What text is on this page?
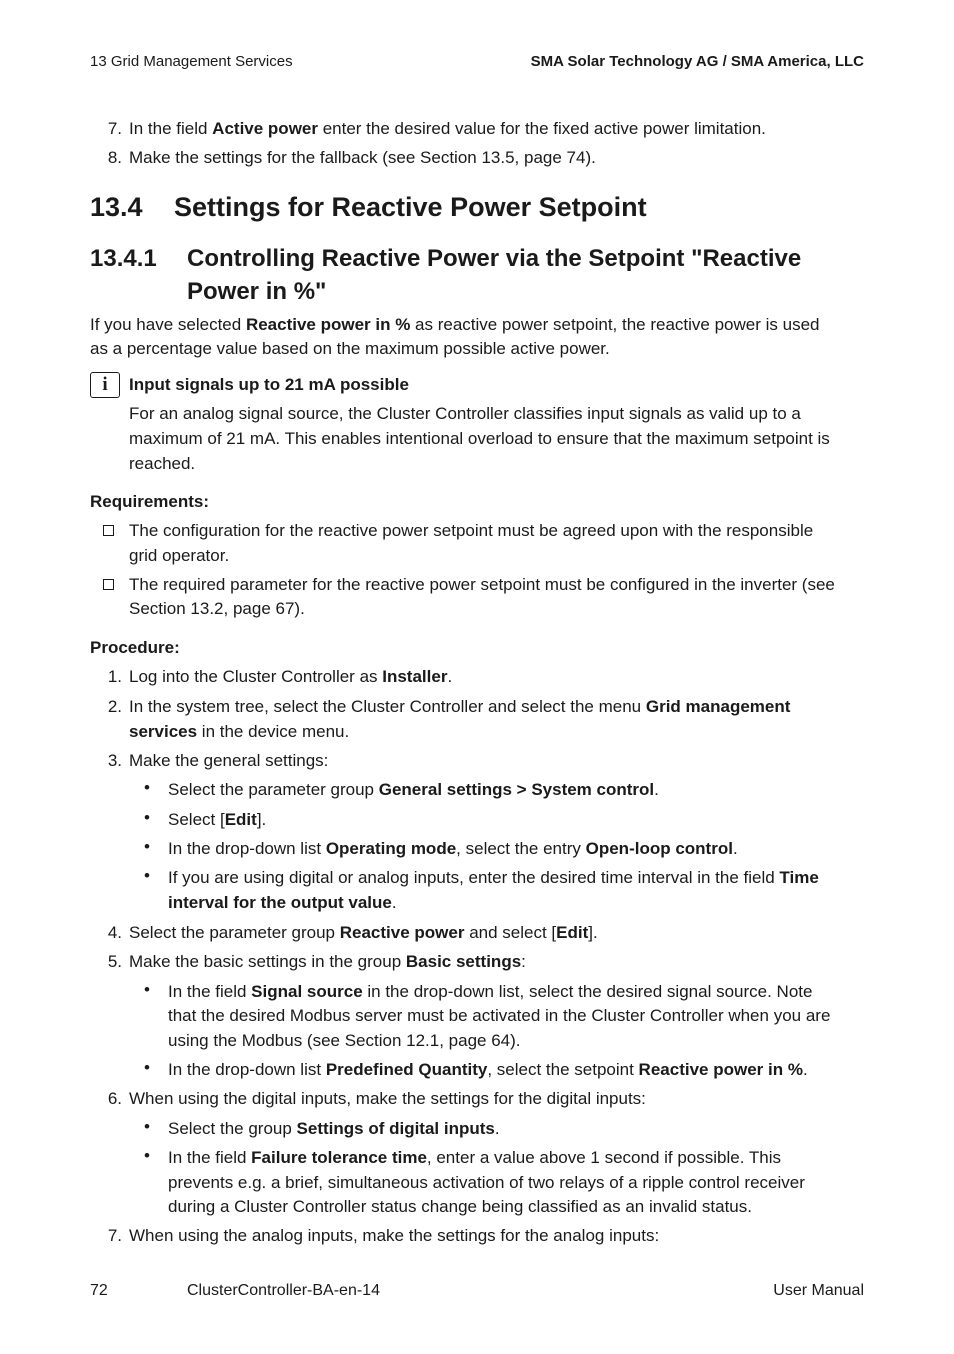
13 Grid Management Services	SMA Solar Technology AG / SMA America, LLC
7. In the field Active power enter the desired value for the fixed active power limitation.
8. Make the settings for the fallback (see Section 13.5, page 74).
13.4 Settings for Reactive Power Setpoint
13.4.1 Controlling Reactive Power via the Setpoint "Reactive
Power in %"
If you have selected Reactive power in % as reactive power setpoint, the reactive power is used
as a percentage value based on the maximum possible active power.
i	Input signals up to 21 mA possible
For an analog signal source, the Cluster Controller classifies input signals as valid up to a
maximum of 21 mA. This enables intentional overload to ensure that the maximum setpoint is
reached.
Requirements:
The configuration for the reactive power setpoint must be agreed upon with the responsible
grid operator.
The required parameter for the reactive power setpoint must be configured in the inverter (see
Section 13.2, page 67).
Procedure:
1. Log into the Cluster Controller as Installer.
2. In the system tree, select the Cluster Controller and select the menu Grid management
services in the device menu.
3. Make the general settings:
• Select the parameter group General settings > System control.
• Select [Edit].
• In the drop-down list Operating mode, select the entry Open-loop control.
• If you are using digital or analog inputs, enter the desired time interval in the field Time
interval for the output value.
4. Select the parameter group Reactive power and select [Edit].
5. Make the basic settings in the group Basic settings:
• In the field Signal source in the drop-down list, select the desired signal source. Note
that the desired Modbus server must be activated in the Cluster Controller when you are
using the Modbus (see Section 12.1, page 64).
• In the drop-down list Predefined Quantity, select the setpoint Reactive power in %.
6. When using the digital inputs, make the settings for the digital inputs:
• Select the group Settings of digital inputs.
• In the field Failure tolerance time, enter a value above 1 second if possible. This
prevents e.g. a brief, simultaneous activation of two relays of a ripple control receiver
during a Cluster Controller status change being classified as an invalid status.
7. When using the analog inputs, make the settings for the analog inputs:
72	ClusterController-BA-en-14	User Manual
